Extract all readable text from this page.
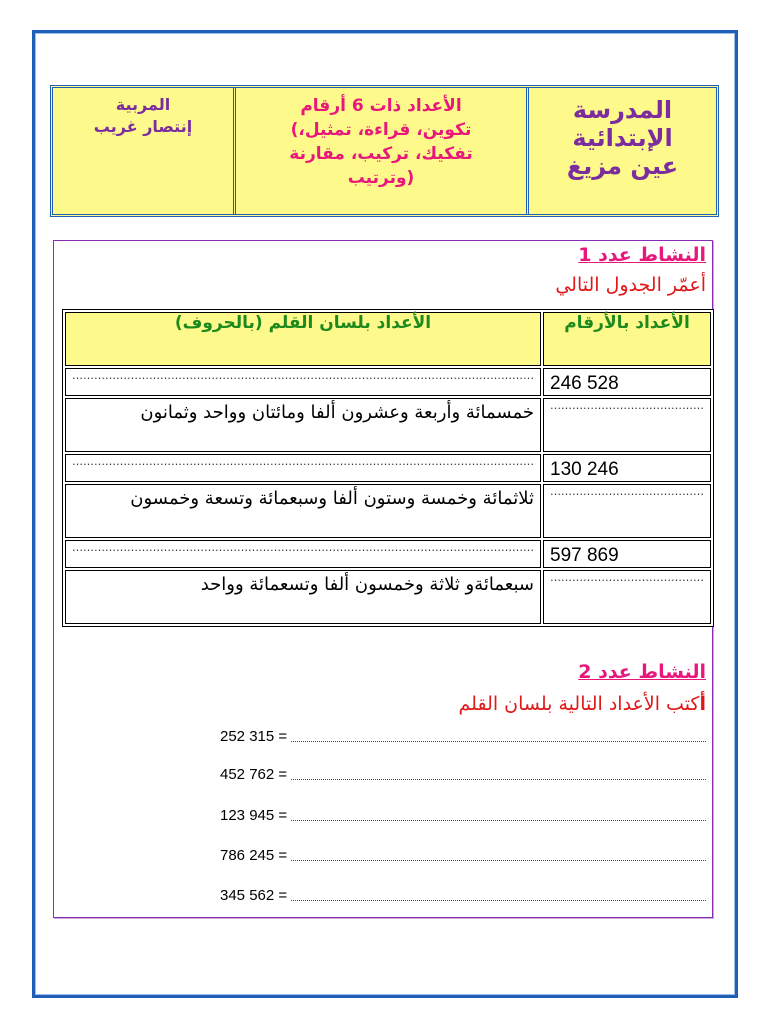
المدرسة
الإبتدائية
عين مزيغ
الأعداد ذات 6 أرقام
تكوين، قراءة، تمثيل،)
تفكيك، تركيب، مقارنة
(وترتيب
المربية
إنتصار غريب
النشاط عدد 1
أعمّر الجدول التالي
الأعداد بالأرقام	الأعداد بلسان القلم (بالحروف)

246 528	………………………………………………………………………………………………………………

……………………………………	خمسمائة وأربعة وعشرون ألفا ومائتان وواحد وثمانون

130 246	………………………………………………………………………………………………………………

……………………………………	ثلاثمائة وخمسة وستون ألفا وسبعمائة وتسعة وخمسون

597 869	………………………………………………………………………………………………………………

……………………………………	سبعمائةو ثلاثة وخمسون ألفا وتسعمائة وواحد
النشاط عدد 2
أكتب الأعداد التالية بلسان القلم
252 315 =
452 762 =
123 945 =
786 245 =
345 562 =
